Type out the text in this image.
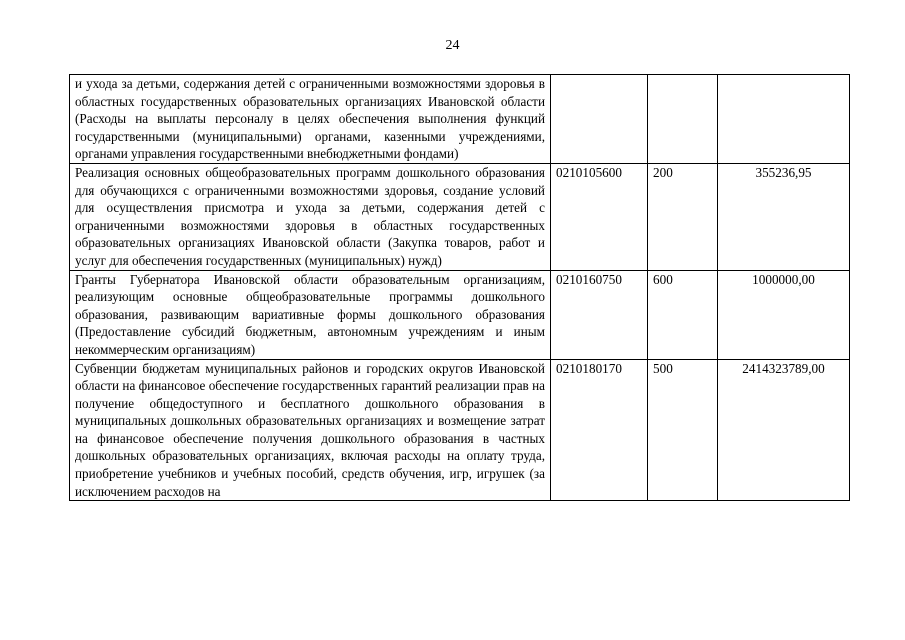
24
и ухода за детьми, содержания детей с ограниченными возможностями здоровья в областных государственных образовательных организациях Ивановской области (Расходы на выплаты персоналу в целях обеспечения выполнения функций государственными (муниципальными) органами, казенными учреждениями, органами управления государственными внебюджетными фондами)			
Реализация основных общеобразовательных программ дошкольного образования для обучающихся с ограниченными возможностями здоровья, создание условий для осуществления присмотра и ухода за детьми, содержания детей с ограниченными возможностями здоровья в областных государственных образовательных организациях Ивановской области (Закупка товаров, работ и услуг для обеспечения государственных (муниципальных) нужд)	0210105600	200	355236,95
Гранты Губернатора Ивановской области образовательным организациям, реализующим основные общеобразовательные программы дошкольного образования, развивающим вариативные формы дошкольного образования (Предоставление субсидий бюджетным, автономным учреждениям и иным некоммерческим организациям)	0210160750	600	1000000,00
Субвенции бюджетам муниципальных районов и городских округов Ивановской области на финансовое обеспечение государственных гарантий реализации прав на получение общедоступного и бесплатного дошкольного образования в муниципальных дошкольных образовательных организациях и возмещение затрат на финансовое обеспечение получения дошкольного образования в частных дошкольных образовательных организациях, включая расходы на оплату труда, приобретение учебников и учебных пособий, средств обучения, игр, игрушек (за исключением расходов на	0210180170	500	2414323789,00
